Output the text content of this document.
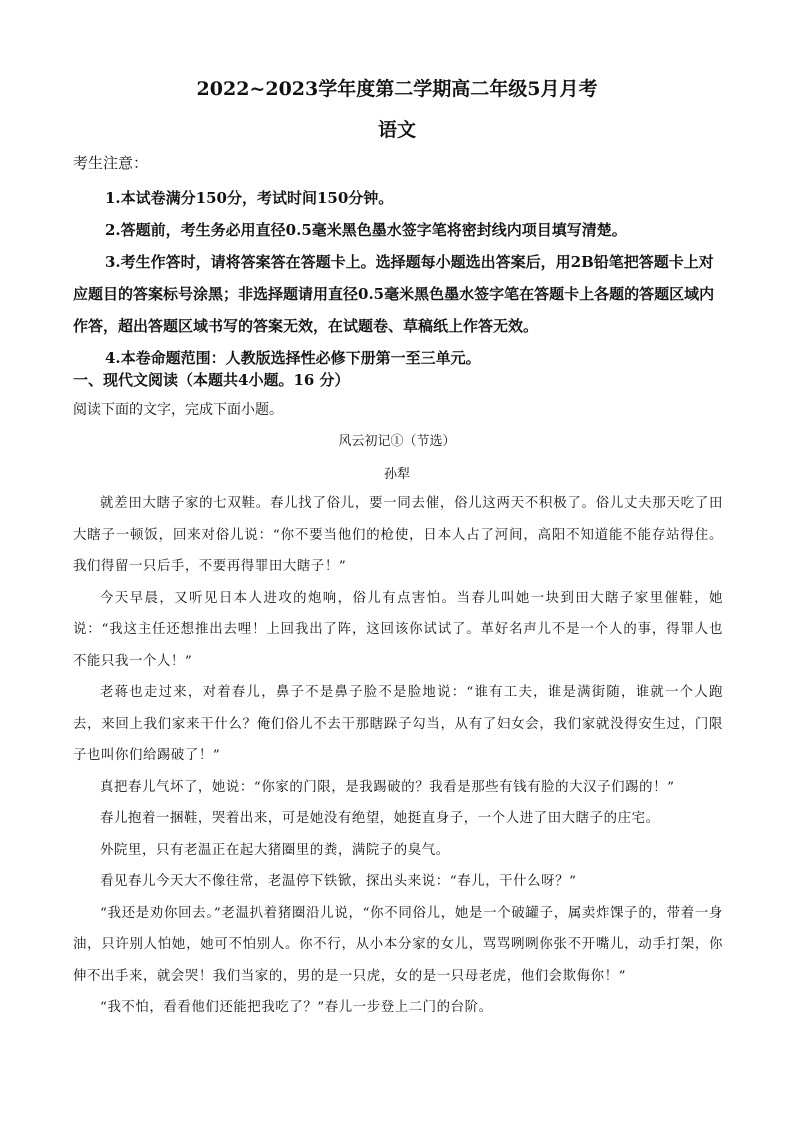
2022~2023学年度第二学期高二年级5月月考
语文
考生注意：

1.本试卷满分150分，考试时间150分钟。

2.答题前，考生务必用直径0.5毫米黑色墨水签字笔将密封线内项目填写清楚。

3.考生作答时，请将答案答在答题卡上。选择题每小题选出答案后，用2B铅笔把答题卡上对应题目的答案标号涂黑；非选择题请用直径0.5毫米黑色墨水签字笔在答题卡上各题的答题区域内作答，超出答题区域书写的答案无效，在试题卷、草稿纸上作答无效。

4.本卷命题范围：人教版选择性必修下册第一至三单元。

一、现代文阅读（本题共4小题。16 分）
阅读下面的文字，完成下面小题。
风云初记①（节选）
孙犁

就差田大瞎子家的七双鞋。春儿找了俗儿，要一同去催，俗儿这两天不积极了。俗儿丈夫那天吃了田大瞎子一顿饭，回来对俗儿说：“你不要当他们的枪使，日本人占了河间，高阳不知道能不能存站得住。我们得留一只后手，不要再得罪田大瞎子！”

今天早晨，又听见日本人进攻的炮响，俗儿有点害怕。当春儿叫她一块到田大瞎子家里催鞋，她说：“我这主任还想推出去哩！上回我出了阵，这回该你试试了。革好名声儿不是一个人的事，得罪人也不能只我一个人！”

老蒋也走过来，对着春儿，鼻子不是鼻子脸不是脸地说：“谁有工夫，谁是满街随，谁就一个人跑去，来回上我们家来干什么？俺们俗儿不去干那瞎跺子勾当，从有了妇女会，我们家就没得安生过，门限子也叫你们给踢破了！”

真把春儿气坏了，她说：“你家的门限，是我踢破的？我看是那些有钱有脸的大汉子们踢的！”

春儿抱着一捆鞋，哭着出来，可是她没有绝望，她挺直身子，一个人进了田大瞎子的庄宅。

外院里，只有老温正在起大猪圈里的粪，满院子的臭气。

看见春儿今天大不像往常，老温停下铁锨，探出头来说：“春儿，干什么呀？”

“我还是劝你回去。”老温扒着猪圈沿儿说，“你不同俗儿，她是一个破罐子，属卖炸馃子的，带着一身油，只许别人怕她，她可不怕别人。你不行，从小本分家的女儿，骂骂咧咧你张不开嘴儿，动手打架，你伸不出手来，就会哭！我们当家的，男的是一只虎，女的是一只母老虎，他们会欺侮你！”

“我不怕，看看他们还能把我吃了？”春儿一步登上二门的台阶。
